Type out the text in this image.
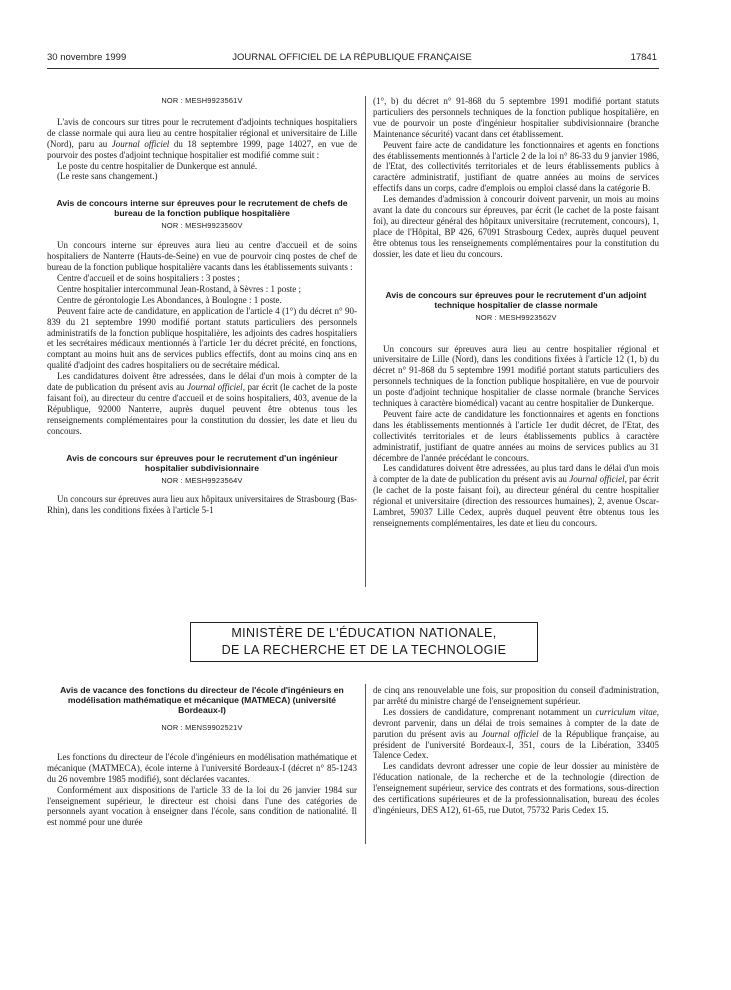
30 novembre 1999	JOURNAL OFFICIEL DE LA RÉPUBLIQUE FRANÇAISE	17841
NOR : MESH9923561V

L'avis de concours sur titres pour le recrutement d'adjoints techniques hospitaliers de classe normale qui aura lieu au centre hospitalier régional et universitaire de Lille (Nord), paru au Journal officiel du 18 septembre 1999, page 14027, en vue de pourvoir des postes d'adjoint technique hospitalier est modifié comme suit :

Le poste du centre hospitalier de Dunkerque est annulé.

(Le reste sans changement.)

Avis de concours interne sur épreuves pour le recrutement de chefs de bureau de la fonction publique hospitalière
NOR : MESH9923560V

Un concours interne sur épreuves aura lieu au centre d'accueil et de soins hospitaliers de Nanterre (Hauts-de-Seine) en vue de pourvoir cinq postes de chef de bureau de la fonction publique hospitalière vacants dans les établissements suivants :

Centre d'accueil et de soins hospitaliers : 3 postes ;

Centre hospitalier intercommunal Jean-Rostand, à Sèvres : 1 poste ;

Centre de gérontologie Les Abondances, à Boulogne : 1 poste.

Peuvent faire acte de candidature, en application de l'article 4 (1°) du décret n° 90-839 du 21 septembre 1990 modifié portant statuts particuliers des personnels administratifs de la fonction publique hospitalière, les adjoints des cadres hospitaliers et les secrétaires médicaux mentionnés à l'article 1er du décret précité, en fonctions, comptant au moins huit ans de services publics effectifs, dont au moins cinq ans en qualité d'adjoint des cadres hospitaliers ou de secrétaire médical.

Les candidatures doivent être adressées, dans le délai d'un mois à compter de la date de publication du présent avis au Journal officiel, par écrit (le cachet de la poste faisant foi), au directeur du centre d'accueil et de soins hospitaliers, 403, avenue de la République, 92000 Nanterre, auprès duquel peuvent être obtenus tous les renseignements complémentaires pour la constitution du dossier, les date et lieu du concours.

Avis de concours sur épreuves pour le recrutement d'un ingénieur hospitalier subdivisionnaire
NOR : MESH9923564V

Un concours sur épreuves aura lieu aux hôpitaux universitaires de Strasbourg (Bas-Rhin), dans les conditions fixées à l'article 5-1

(1°, b) du décret n° 91-868 du 5 septembre 1991 modifié portant statuts particuliers des personnels techniques de la fonction publique hospitalière, en vue de pourvoir un poste d'ingénieur hospitalier subdivisionnaire (branche Maintenance sécurité) vacant dans cet établissement.

Peuvent faire acte de candidature les fonctionnaires et agents en fonctions des établissements mentionnés à l'article 2 de la loi n° 86-33 du 9 janvier 1986, de l'Etat, des collectivités territoriales et de leurs établissements publics à caractère administratif, justifiant de quatre années au moins de services effectifs dans un corps, cadre d'emplois ou emploi classé dans la catégorie B.

Les demandes d'admission à concourir doivent parvenir, un mois au moins avant la date du concours sur épreuves, par écrit (le cachet de la poste faisant foi), au directeur général des hôpitaux universitaire (recrutement, concours), 1, place de l'Hôpital, BP 426, 67091 Strasbourg Cedex, auprès duquel peuvent être obtenus tous les renseignements complémentaires pour la constitution du dossier, les date et lieu du concours.

Avis de concours sur épreuves pour le recrutement d'un adjoint technique hospitalier de classe normale
NOR : MESH9923562V

Un concours sur épreuves aura lieu au centre hospitalier régional et universitaire de Lille (Nord), dans les conditions fixées à l'article 12 (1, b) du décret n° 91-868 du 5 septembre 1991 modifié portant statuts particuliers des personnels techniques de la fonction publique hospitalière, en vue de pourvoir un poste d'adjoint technique hospitalier de classe normale (branche Services techniques à caractère biomédical) vacant au centre hospitalier de Dunkerque.

Peuvent faire acte de candidature les fonctionnaires et agents en fonctions dans les établissements mentionnés à l'article 1er dudit décret, de l'Etat, des collectivités territoriales et de leurs établissements publics à caractère administratif, justifiant de quatre années au moins de services publics au 31 décembre de l'année précédant le concours.

Les candidatures doivent être adressées, au plus tard dans le délai d'un mois à compter de la date de publication du présent avis au Journal officiel, par écrit (le cachet de la poste faisant foi), au directeur général du centre hospitalier régional et universitaire (direction des ressources humaines), 2, avenue Oscar-Lambret, 59037 Lille Cedex, auprès duquel peuvent être obtenus tous les renseignements complémentaires, les date et lieu du concours.

MINISTÈRE DE L'ÉDUCATION NATIONALE,
DE LA RECHERCHE ET DE LA TECHNOLOGIE
Avis de vacance des fonctions du directeur de l'école d'ingénieurs en modélisation mathématique et mécanique (MATMECA) (université Bordeaux-I)
NOR : MENS9902521V

Les fonctions du directeur de l'école d'ingénieurs en modélisation mathématique et mécanique (MATMECA), école interne à l'université Bordeaux-I (décret n° 85-1243 du 26 novembre 1985 modifié), sont déclarées vacantes.

Conformément aux dispositions de l'article 33 de la loi du 26 janvier 1984 sur l'enseignement supérieur, le directeur est choisi dans l'une des catégories de personnels ayant vocation à enseigner dans l'école, sans condition de nationalité. Il est nommé pour une durée

de cinq ans renouvelable une fois, sur proposition du conseil d'administration, par arrêté du ministre chargé de l'enseignement supérieur.

Les dossiers de candidature, comprenant notamment un curriculum vitae, devront parvenir, dans un délai de trois semaines à compter de la date de parution du présent avis au Journal officiel de la République française, au président de l'université Bordeaux-I, 351, cours de la Libération, 33405 Talence Cedex.

Les candidats devront adresser une copie de leur dossier au ministère de l'éducation nationale, de la recherche et de la technologie (direction de l'enseignement supérieur, service des contrats et des formations, sous-direction des certifications supérieures et de la professionnalisation, bureau des écoles d'ingénieurs, DES A12), 61-65, rue Dutot, 75732 Paris Cedex 15.
